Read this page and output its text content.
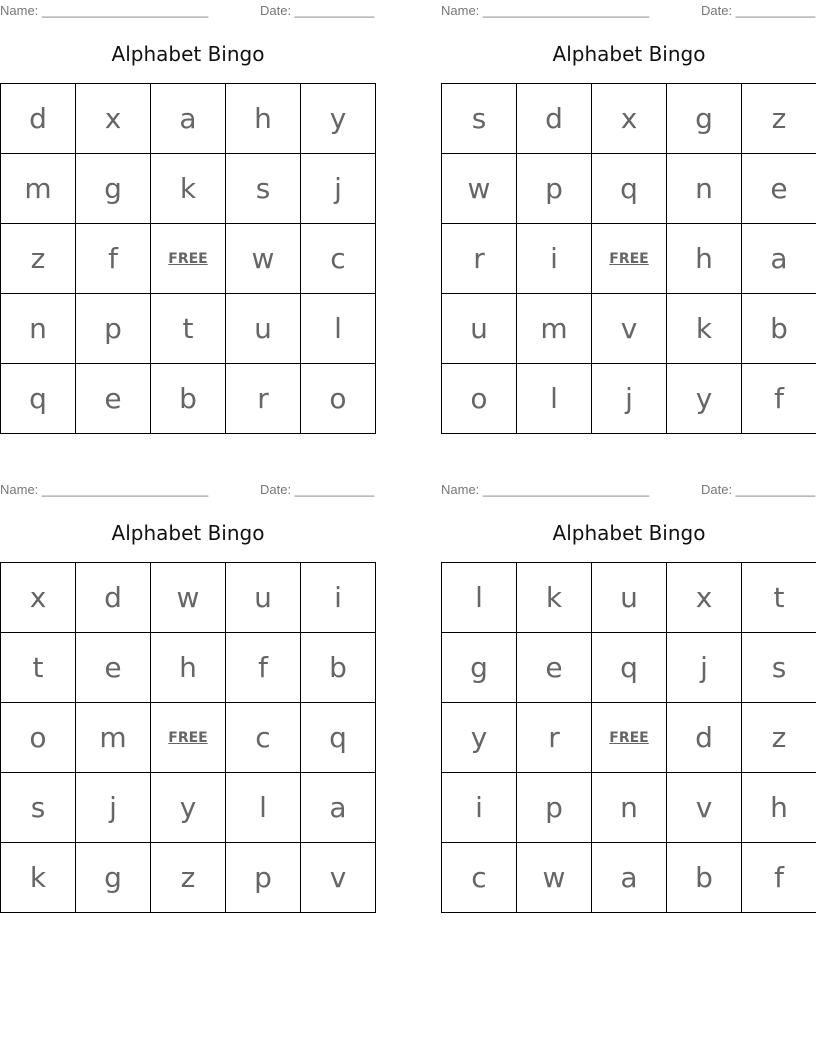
Name: _______________________	Date: ___________
Alphabet Bingo
d	x	a	h	y
m	g	k	s	j
z	f	FREE	w	c
n	p	t	u	l
q	e	b	r	o
Name: _______________________	Date: ___________
Alphabet Bingo
s	d	x	g	z
w	p	q	n	e
r	i	FREE	h	a
u	m	v	k	b
o	l	j	y	f
Name: _______________________	Date: ___________
Alphabet Bingo
x	d	w	u	i
t	e	h	f	b
o	m	FREE	c	q
s	j	y	l	a
k	g	z	p	v
Name: _______________________	Date: ___________
Alphabet Bingo
l	k	u	x	t
g	e	q	j	s
y	r	FREE	d	z
i	p	n	v	h
c	w	a	b	f
